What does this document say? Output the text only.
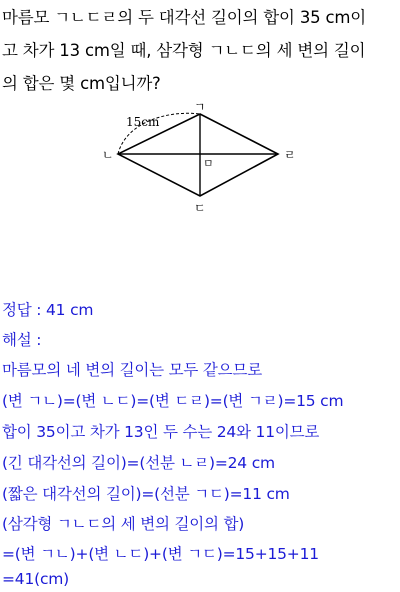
마름모 ㄱㄴㄷㄹ의 두 대각선 길이의 합이 35 cm이
고 차가 13 cm일 때, 삼각형 ㄱㄴㄷ의 세 변의 길이
의 합은 몇 cm입니까?
ㄱ
ㄴ
ㄷ
ㄹ
15cm
ㅁ
정답 : 41 cm
해설 :
마름모의 네 변의 길이는 모두 같으므로
(변 ㄱㄴ)=(변 ㄴㄷ)=(변 ㄷㄹ)=(변 ㄱㄹ)=15 cm
합이 35이고 차가 13인 두 수는 24와 11이므로
(긴 대각선의 길이)=(선분 ㄴㄹ)=24 cm
(짧은 대각선의 길이)=(선분 ㄱㄷ)=11 cm
(삼각형 ㄱㄴㄷ의 세 변의 길이의 합)
=(변 ㄱㄴ)+(변 ㄴㄷ)+(변 ㄱㄷ)=15+15+11
=41(cm)
